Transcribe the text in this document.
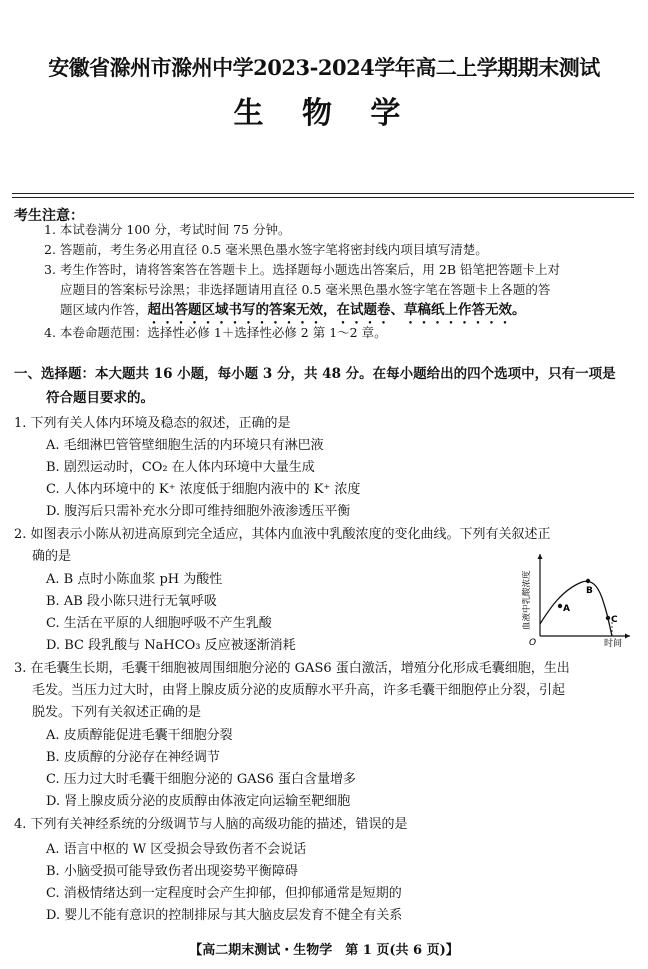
安徽省滁州市滁州中学2023-2024学年高二上学期期末测试
生 物 学
考生注意：
1. 本试卷满分 100 分，考试时间 75 分钟。
2. 答题前，考生务必用直径 0.5 毫米黑色墨水签字笔将密封线内项目填写清楚。
3. 考生作答时，请将答案答在答题卡上。选择题每小题选出答案后，用 2B 铅笔把答题卡上对
应题目的答案标号涂黑；非选择题请用直径 0.5 毫米黑色墨水签字笔在答题卡上各题的答
题区域内作答，超出答题区域书写的答案无效，在试题卷、草稿纸上作答无效。
4. 本卷命题范围：选择性必修 1＋选择性必修 2 第 1～2 章。
一、选择题：本大题共 16 小题，每小题 3 分，共 48 分。在每小题给出的四个选项中，只有一项是
符合题目要求的。
1. 下列有关人体内环境及稳态的叙述，正确的是
A. 毛细淋巴管管壁细胞生活的内环境只有淋巴液
B. 剧烈运动时，CO₂ 在人体内环境中大量生成
C. 人体内环境中的 K⁺ 浓度低于细胞内液中的 K⁺ 浓度
D. 腹泻后只需补充水分即可维持细胞外液渗透压平衡
2. 如图表示小陈从初进高原到完全适应，其体内血液中乳酸浓度的变化曲线。下列有关叙述正
确的是
A. B 点时小陈血浆 pH 为酸性
B. AB 段小陈只进行无氧呼吸
C. 生活在平原的人细胞呼吸不产生乳酸
D. BC 段乳酸与 NaHCO₃ 反应被逐渐消耗
A
B
C
O	时间
血液中乳酸浓度
3. 在毛囊生长期，毛囊干细胞被周围细胞分泌的 GAS6 蛋白激活，增殖分化形成毛囊细胞，生出
毛发。当压力过大时，由肾上腺皮质分泌的皮质醇水平升高，许多毛囊干细胞停止分裂，引起
脱发。下列有关叙述正确的是
A. 皮质醇能促进毛囊干细胞分裂
B. 皮质醇的分泌存在神经调节
C. 压力过大时毛囊干细胞分泌的 GAS6 蛋白含量增多
D. 肾上腺皮质分泌的皮质醇由体液定向运输至靶细胞
4. 下列有关神经系统的分级调节与人脑的高级功能的描述，错误的是
A. 语言中枢的 W 区受损会导致伤者不会说话
B. 小脑受损可能导致伤者出现姿势平衡障碍
C. 消极情绪达到一定程度时会产生抑郁，但抑郁通常是短期的
D. 婴儿不能有意识的控制排尿与其大脑皮层发育不健全有关系
【高二期末测试・生物学　第 1 页(共 6 页)】
